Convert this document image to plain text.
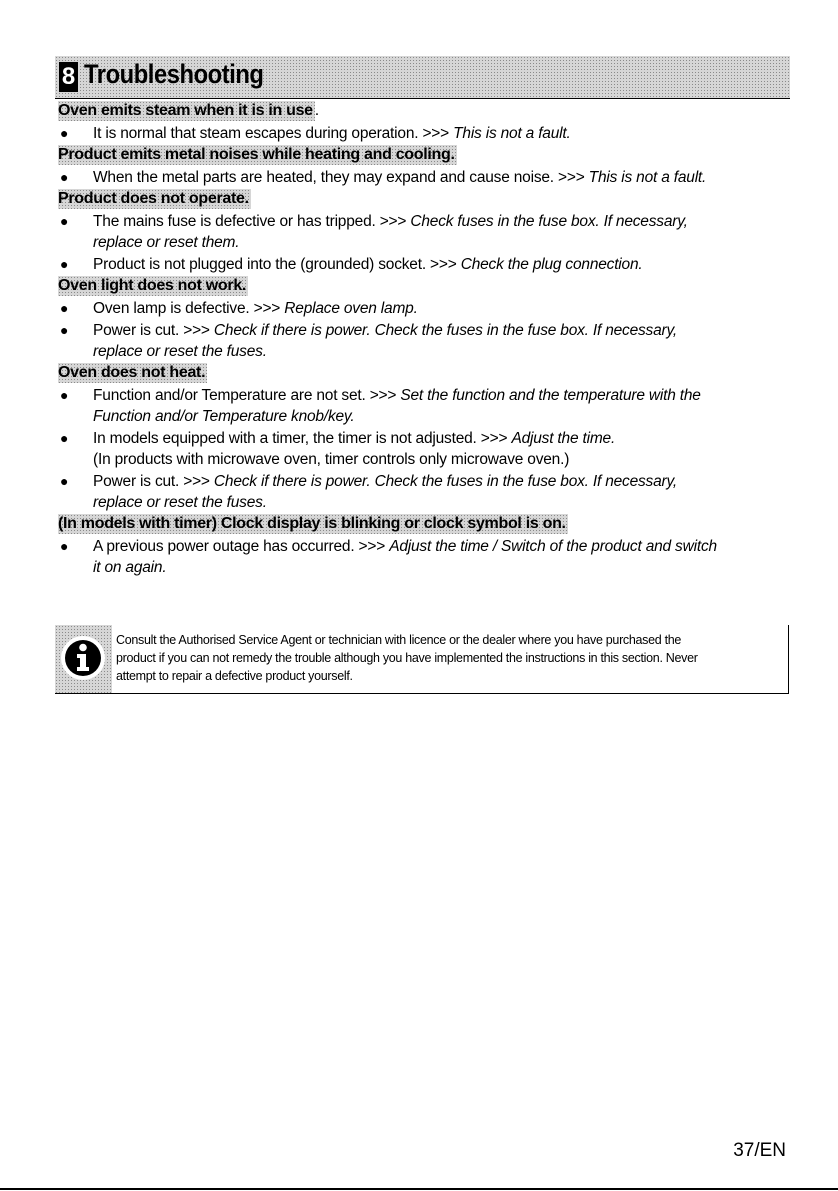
8 Troubleshooting
Oven emits steam when it is in use .
● It is normal that steam escapes during operation. >>> This is not a fault.
Product emits metal noises while heating and cooling.
● When the metal parts are heated, they may expand and cause noise. >>> This is not a fault.
Product does not operate.
● The mains fuse is defective or has tripped. >>> Check fuses in the fuse box. If necessary,
replace or reset them.
● Product is not plugged into the (grounded) socket. >>> Check the plug connection.
Oven light does not work.
● Oven lamp is defective. >>> Replace oven lamp.
● Power is cut. >>> Check if there is power. Check the fuses in the fuse box. If necessary,
replace or reset the fuses.
Oven does not heat.
● Function and/or Temperature are not set. >>> Set the function and the temperature with the
Function and/or Temperature knob/key.
● In models equipped with a timer, the timer is not adjusted. >>> Adjust the time.
(In products with microwave oven, timer controls only microwave oven.)
● Power is cut. >>> Check if there is power. Check the fuses in the fuse box. If necessary,
replace or reset the fuses.
(In models with timer) Clock display is blinking or clock symbol is on.
● A previous power outage has occurred. >>> Adjust the time / Switch of the product and switch
it on again.
Consult the Authorised Service Agent or technician with licence or the dealer where you have purchased the
product if you can not remedy the trouble although you have implemented the instructions in this section. Never
attempt to repair a defective product yourself.
37/EN
